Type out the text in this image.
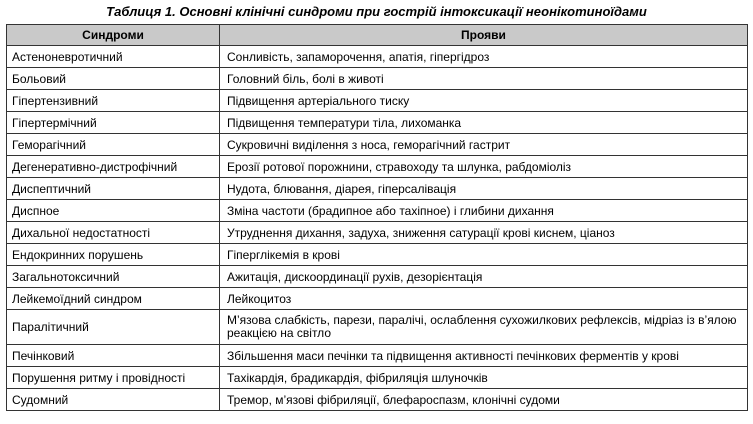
Таблиця 1. Основні клінічні синдроми при гострій інтоксикації неонікотиноїдами
Синдроми	Прояви
Астеноневротичний	Сонливість, запаморочення, апатія, гіпергідроз
Больовий	Головний біль, болі в животі
Гіпертензивний	Підвищення артеріального тиску
Гіпертермічний	Підвищення температури тіла, лихоманка
Геморагічний	Сукровичні виділення з носа, геморагічний гастрит
Дегенеративно-дистрофічний	Ерозії ротової порожнини, стравоходу та шлунка, рабдоміоліз
Диспептичний	Нудота, блювання, діарея, гіперсалівація
Диспное	Зміна частоти (брадипное або тахіпное) і глибини дихання
Дихальної недостатності	Утруднення дихання, задуха, зниження сатурації крові киснем, ціаноз
Ендокринних порушень	Гіперглікемія в крові
Загальнотоксичний	Ажитація, дискоординації рухів, дезорієнтація
Лейкемоїдний синдром	Лейкоцитоз
Паралітичний	М’язова слабкість, парези, паралічі, ослаблення сухожилкових рефлексів, мідріаз із в’ялою реакцією на світло
Печінковий	Збільшення маси печінки та підвищення активності печінкових ферментів у крові
Порушення ритму і провідності	Тахікардія, брадикардія, фібриляція шлуночків
Судомний	Тремор, м’язові фібриляції, блефароспазм, клонічні судоми
